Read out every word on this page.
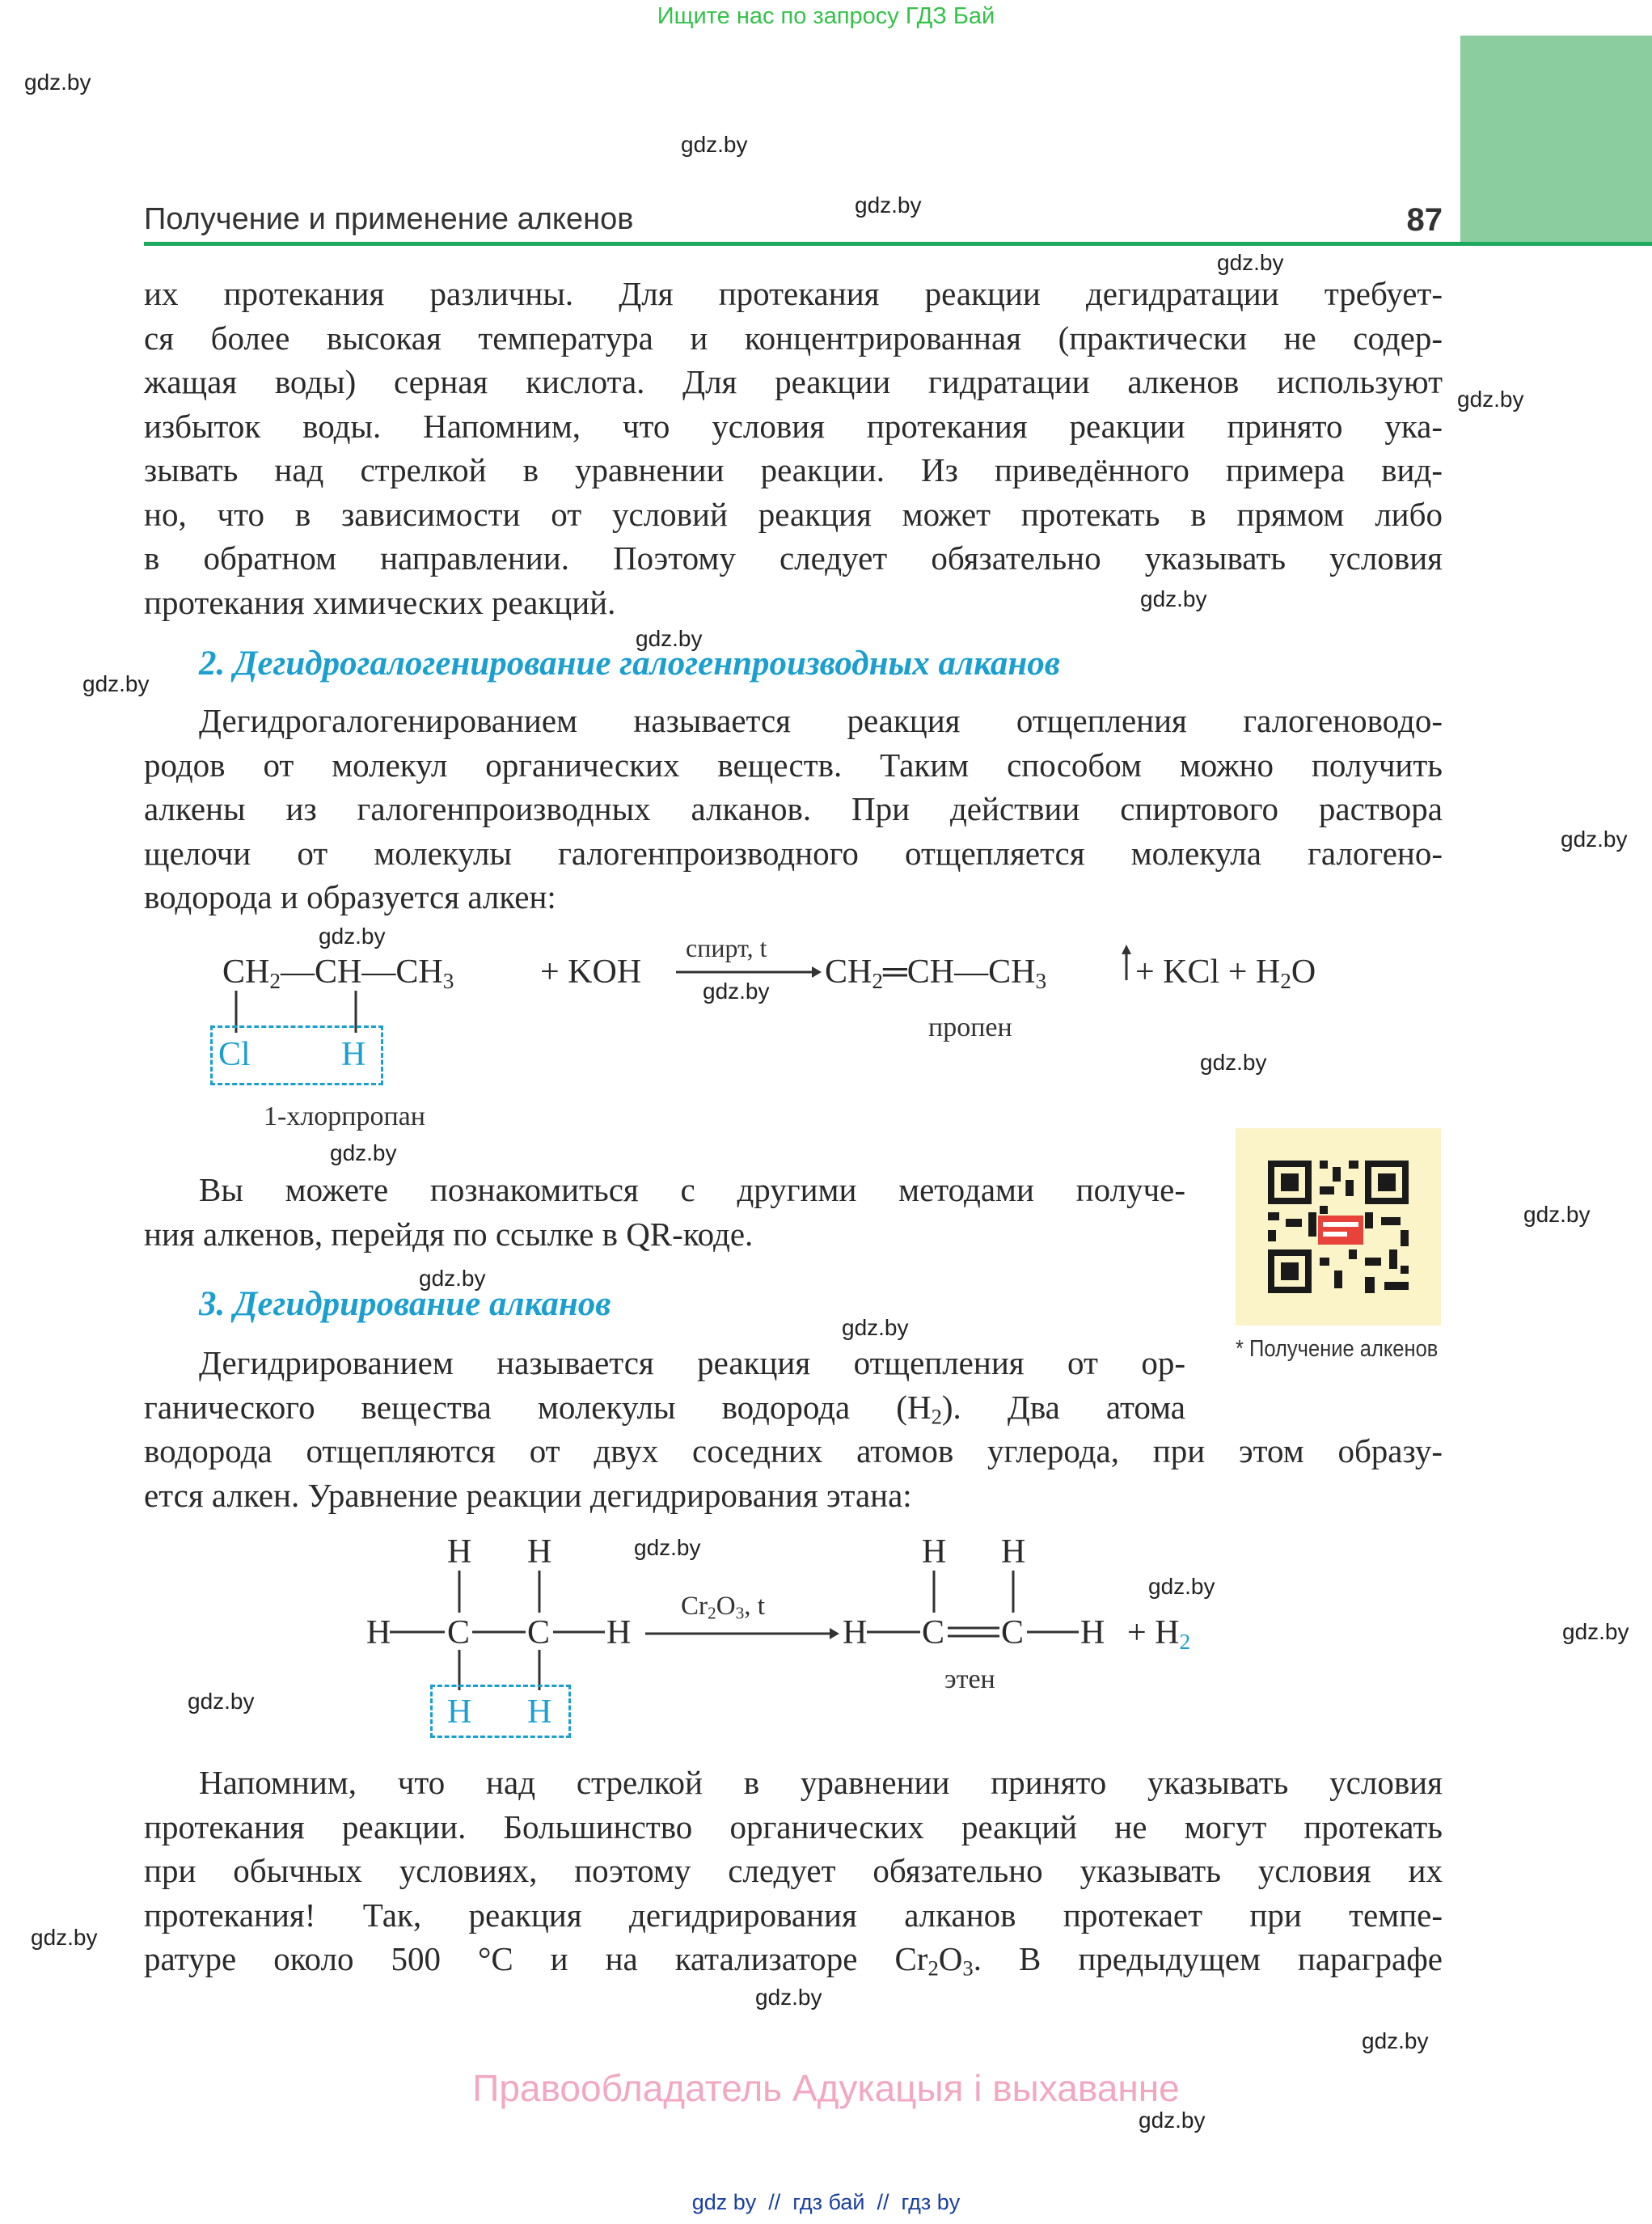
Ищите нас по запросу ГДЗ Бай
Получение и применение алкенов	87
их протекания различны. Для протекания реакции дегидратации требует-
ся более высокая температура и концентрированная (практически не содер-
жащая воды) серная кислота. Для реакции гидратации алкенов используют
избыток воды. Напомним, что условия протекания реакции принято ука-
зывать над стрелкой в уравнении реакции. Из приведённого примера вид-
но, что в зависимости от условий реакция может протекать в прямом либо
в обратном направлении. Поэтому следует обязательно указывать условия
протекания химических реакций.
2. Дегидрогалогенирование галогенпроизводных алканов
Дегидрогалогенированием называется реакция отщепления галогеноводо-
родов от молекул органических веществ. Таким способом можно получить
алкены из галогенпроизводных алканов. При действии спиртового раствора
щелочи от молекулы галогенпроизводного отщепляется молекула галогено-
водорода и образуется алкен:
$CH_2—CH—CH_3$	+ KOH
спирт, t
$CH_2═CH—CH_3$	+ KCl + $H_2O$
Cl	H
1-хлорпропан
пропен
Вы можете познакомиться с другими методами получе-
ния алкенов, перейдя по ссылке в QR-коде.
* Получение алкенов
3. Дегидрирование алканов
Дегидрированием называется реакция отщепления от ор-
ганического вещества молекулы водорода $(H_2)$. Два атома
водорода отщепляются от двух соседних атомов углерода, при этом образу-
ется алкен. Уравнение реакции дегидрирования этана:
H H
H C C H
H H
$Cr_2O_3$, t
H H
H C C $H + H_2$
этен
Напомним, что над стрелкой в уравнении принято указывать условия
протекания реакции. Большинство органических реакций не могут протекать
при обычных условиях, поэтому следует обязательно указывать условия их
протекания! Так, реакция дегидрирования алканов протекает при темпе-
ратуре около 500 °C и на катализаторе $Cr_2O_3$. В предыдущем параграфе
Правообладатель Адукацыя і выхаванне
gdz by  //  гдз бай  //  гдз by
gdz.by
gdz.by
gdz.by
gdz.by
gdz.by
gdz.by
gdz.by
gdz.by
gdz.by
gdz.by
gdz.by
gdz.by
gdz.by
gdz.by
gdz.by
gdz.by
gdz.by
gdz.by
gdz.by
gdz.by
gdz.by
gdz.by
gdz.by
gdz.by
